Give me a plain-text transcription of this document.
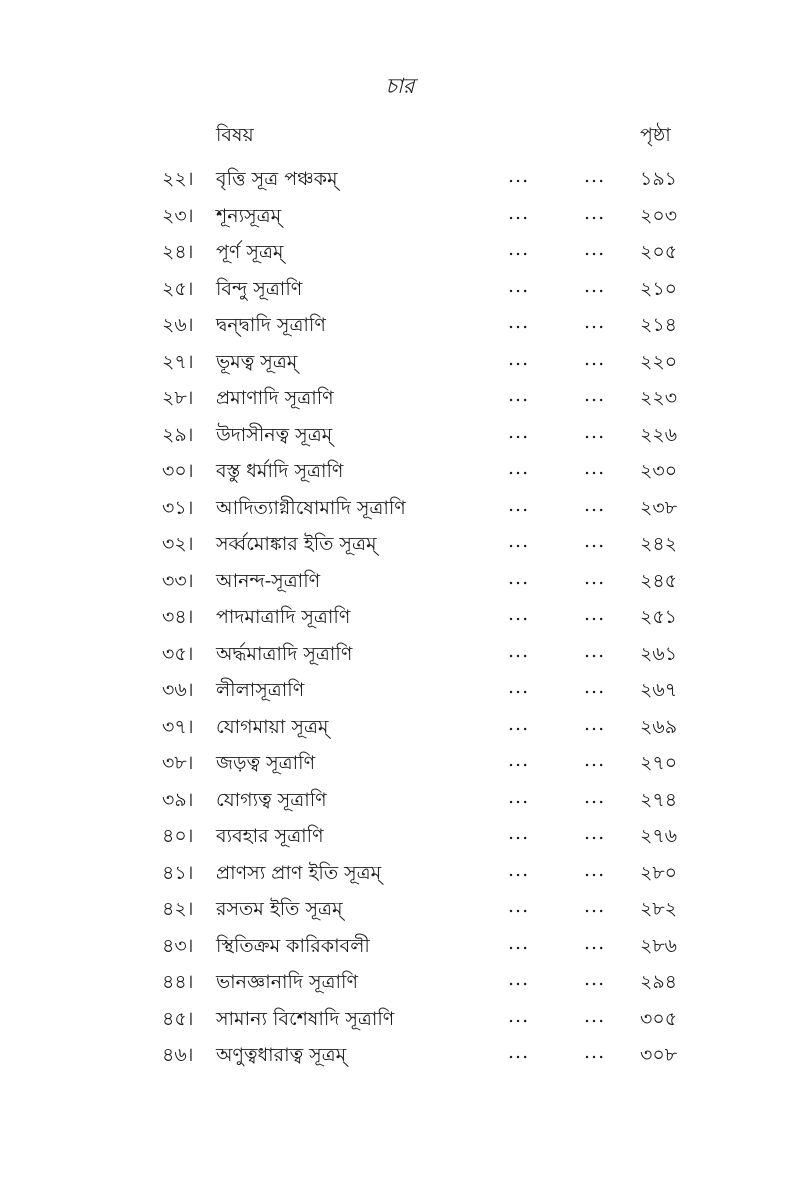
চার
বিষয়	পৃষ্ঠা
২২। বৃত্তি সূত্র পঞ্চকম্	...	... ১৯১
২৩। শূন্যসূত্রম্	...	... ২০৩
২৪। পূর্ণ সূত্রম্	...	... ২০৫
২৫। বিন্দু সূত্রাণি	...	... ২১০
২৬। দ্বন্দ্বাদি সূত্রাণি	...	... ২১৪
২৭। ভূমত্ব সূত্রম্	...	... ২২০
২৮। প্রমাণাদি সূত্রাণি	...	... ২২৩
২৯। উদাসীনত্ব সূত্রম্	...	... ২২৬
৩০। বস্তু ধর্মাদি সূত্রাণি	...	... ২৩০
৩১। আদিত্যাগ্নীষোমাদি সূত্রাণি	...	... ২৩৮
৩২। সর্ব্বমোঙ্কার ইতি সূত্রম্	...	... ২৪২
৩৩। আনন্দ-সূত্রাণি	...	... ২৪৫
৩৪। পাদমাত্রাদি সূত্রাণি	...	... ২৫১
৩৫। অর্দ্ধমাত্রাদি সূত্রাণি	...	... ২৬১
৩৬। লীলাসূত্রাণি	...	... ২৬৭
৩৭। যোগমায়া সূত্রম্	...	... ২৬৯
৩৮। জড়ত্ব সূত্রাণি	...	... ২৭০
৩৯। যোগ্যত্ব সূত্রাণি	...	... ২৭৪
৪০। ব্যবহার সূত্রাণি	...	... ২৭৬
৪১। প্রাণস্য প্রাণ ইতি সূত্রম্	...	... ২৮০
৪২। রসতম ইতি সূত্রম্	...	... ২৮২
৪৩। স্থিতিক্রম কারিকাবলী	...	... ২৮৬
৪৪। ভানজ্ঞানাদি সূত্রাণি	...	... ২৯৪
৪৫। সামান্য বিশেষাদি সূত্রাণি	...	... ৩০৫
৪৬। অণুত্বধারাত্ব সূত্রম্	...	... ৩০৮
